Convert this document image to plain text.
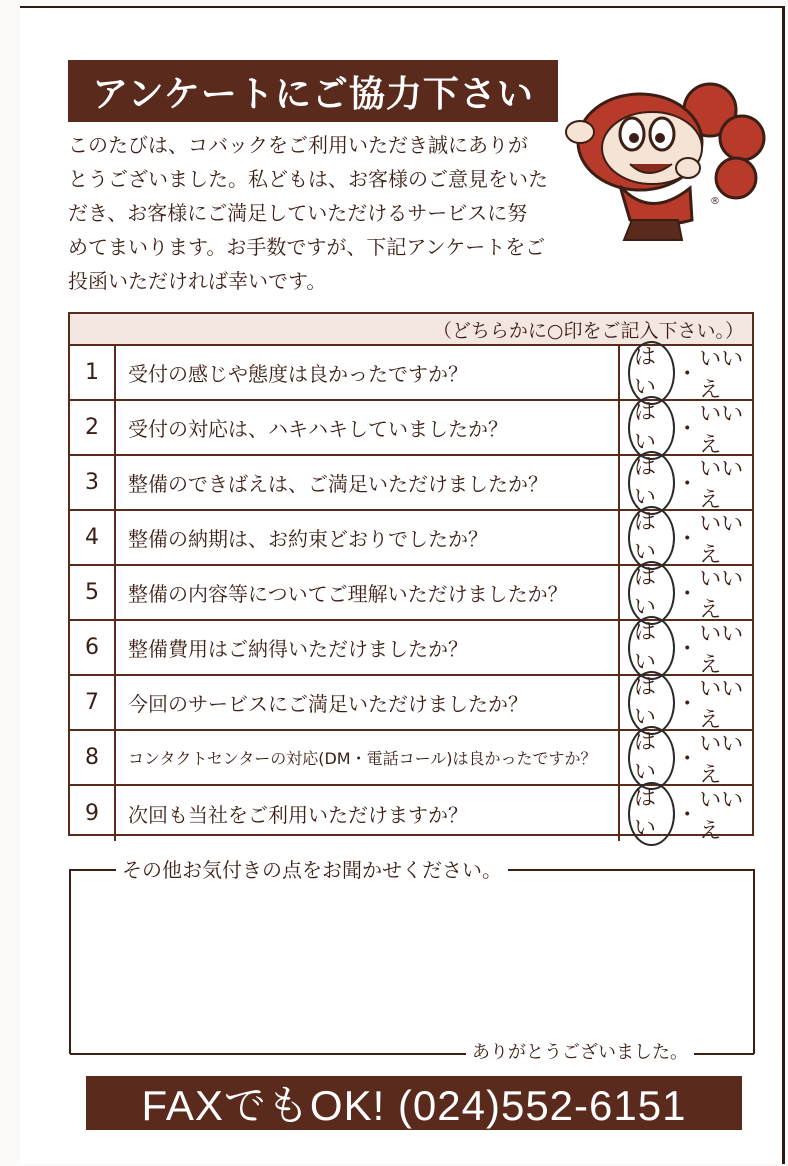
アンケートにご協力下さい
このたびは、コバックをご利用いただき誠にありが
とうございました。私どもは、お客様のご意見をいた
だき、お客様にご満足していただけるサービスに努
めてまいります。お手数ですが、下記アンケートをご
投函いただければ幸いです。
®
（どちらかに○印をご記入下さい。）
1	受付の感じや態度は良かったですか？
はい ・
いいえ
2	受付の対応は、ハキハキしていましたか？
はい ・
いいえ
3	整備のできばえは、ご満足いただけましたか？
はい ・
いいえ
4	整備の納期は、お約束どおりでしたか？
はい ・
いいえ
5	整備の内容等についてご理解いただけましたか？
はい ・
いいえ
6	整備費用はご納得いただけましたか？
はい ・
いいえ
7	今回のサービスにご満足いただけましたか？
はい ・
いいえ
8	コンタクトセンターの対応(DM・電話コール)は良かったですか？
はい ・
いいえ
9	次回も当社をご利用いただけますか？
はい ・
いいえ
その他お気付きの点をお聞かせください。
ありがとうございました。
FAXでもOK! (024)552-6151
